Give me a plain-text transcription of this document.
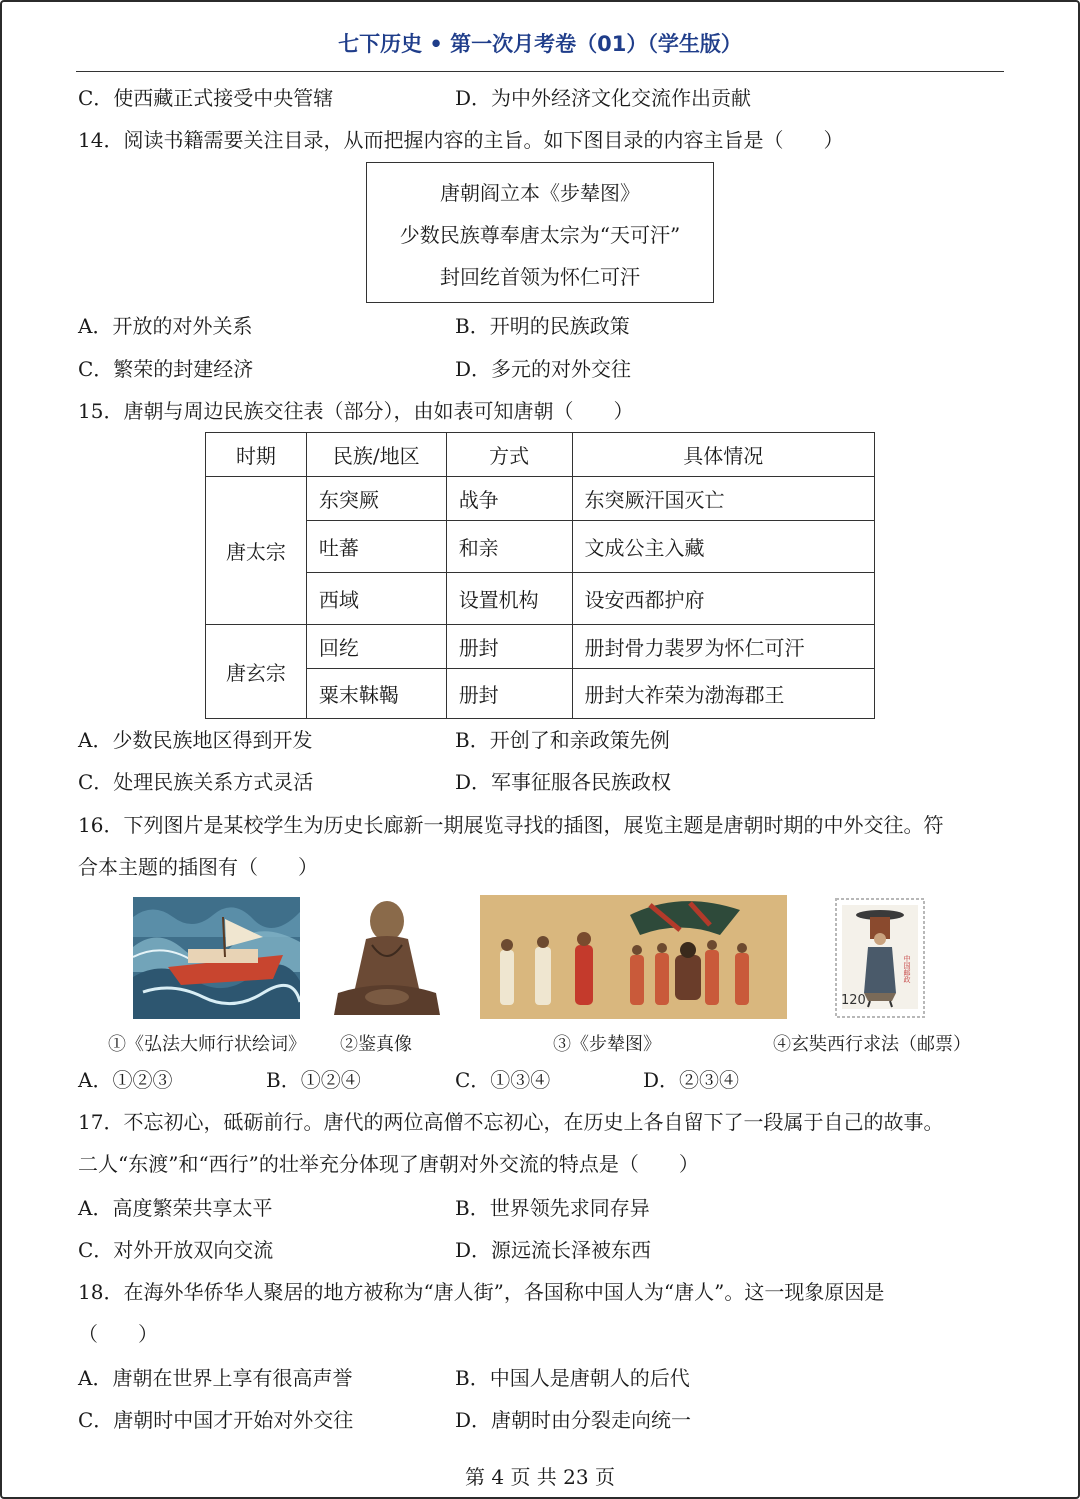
七下历史 • 第一次月考卷（01）（学生版）
C．使西藏正式接受中央管辖	D．为中外经济文化交流作出贡献
14．阅读书籍需要关注目录，从而把握内容的主旨。如下图目录的内容主旨是（　　）
唐朝阎立本《步辇图》
少数民族尊奉唐太宗为“天可汗”
封回纥首领为怀仁可汗
A．开放的对外关系	B．开明的民族政策
C．繁荣的封建经济	D．多元的对外交往
15．唐朝与周边民族交往表（部分），由如表可知唐朝（　　）
时期	民族/地区	方式	具体情况
唐太宗	东突厥	战争	东突厥汗国灭亡
	吐蕃	和亲	文成公主入藏
	西域	设置机构	设安西都护府
唐玄宗	回纥	册封	册封骨力裴罗为怀仁可汗
	粟末靺鞨	册封	册封大祚荣为渤海郡王
A．少数民族地区得到开发	B．开创了和亲政策先例
C．处理民族关系方式灵活	D．军事征服各民族政权
16．下列图片是某校学生为历史长廊新一期展览寻找的插图，展览主题是唐朝时期的中外交往。符
合本主题的插图有（　　）
120
中国邮政
①《弘法大师行状绘词》 ②鉴真像	③《步辇图》	④玄奘西行求法（邮票）
A．①②③	B．①②④	C．①③④	D．②③④
17．不忘初心，砥砺前行。唐代的两位高僧不忘初心，在历史上各自留下了一段属于自己的故事。
二人“东渡”和“西行”的壮举充分体现了唐朝对外交流的特点是（　　）
A．高度繁荣共享太平	B．世界领先求同存异
C．对外开放双向交流	D．源远流长泽被东西
18．在海外华侨华人聚居的地方被称为“唐人街”，各国称中国人为“唐人”。这一现象原因是
（　　）
A．唐朝在世界上享有很高声誉	B．中国人是唐朝人的后代
C．唐朝时中国才开始对外交往	D．唐朝时由分裂走向统一
第 4 页 共 23 页
